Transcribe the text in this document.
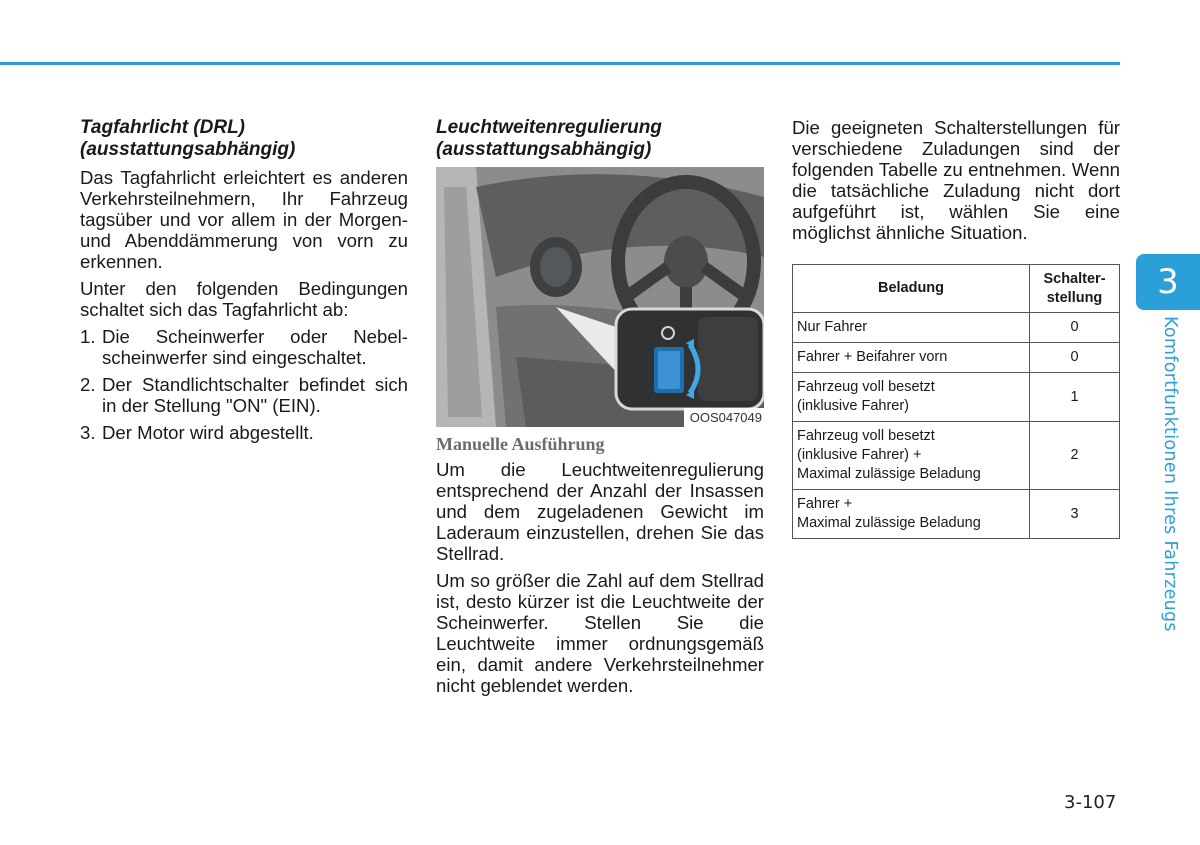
Tagfahrlicht (DRL)
(ausstattungsabhängig)

Das Tagfahrlicht erleichtert es anderen Verkehrsteilnehmern, Ihr Fahrzeug tagsüber und vor allem in der Morgen- und Abenddämmerung von vorn zu erkennen.

Unter den folgenden Bedingungen schaltet sich das Tagfahrlicht ab:

1. Die Scheinwerfer oder Nebel-scheinwerfer sind eingeschaltet.
2. Der Standlichtschalter befindet sich in der Stellung "ON" (EIN).
3. Der Motor wird abgestellt.
Leuchtweitenregulierung
(ausstattungsabhängig)
OOS047049
Manuelle Ausführung

Um die Leuchtweitenregulierung entsprechend der Anzahl der Insassen und dem zugeladenen Gewicht im Laderaum einzustellen, drehen Sie das Stellrad.

Um so größer die Zahl auf dem Stellrad ist, desto kürzer ist die Leuchtweite der Scheinwerfer. Stellen Sie die Leuchtweite immer ordnungsgemäß ein, damit andere Verkehrsteilnehmer nicht geblendet werden.

Die geeigneten Schalterstellungen für verschiedene Zuladungen sind der folgenden Tabelle zu entnehmen. Wenn die tatsächliche Zuladung nicht dort aufgeführt ist, wählen Sie eine möglichst ähnliche Situation.

Beladung	Schalter-
stellung

Nur Fahrer	0

Fahrer + Beifahrer vorn	0

Fahrzeug voll besetzt
(inklusive Fahrer)	1

Fahrzeug voll besetzt
(inklusive Fahrer) +
Maximal zulässige Beladung	2

Fahrer +
Maximal zulässige Beladung	3
3
Komfortfunktionen Ihres Fahrzeugs
3-107
